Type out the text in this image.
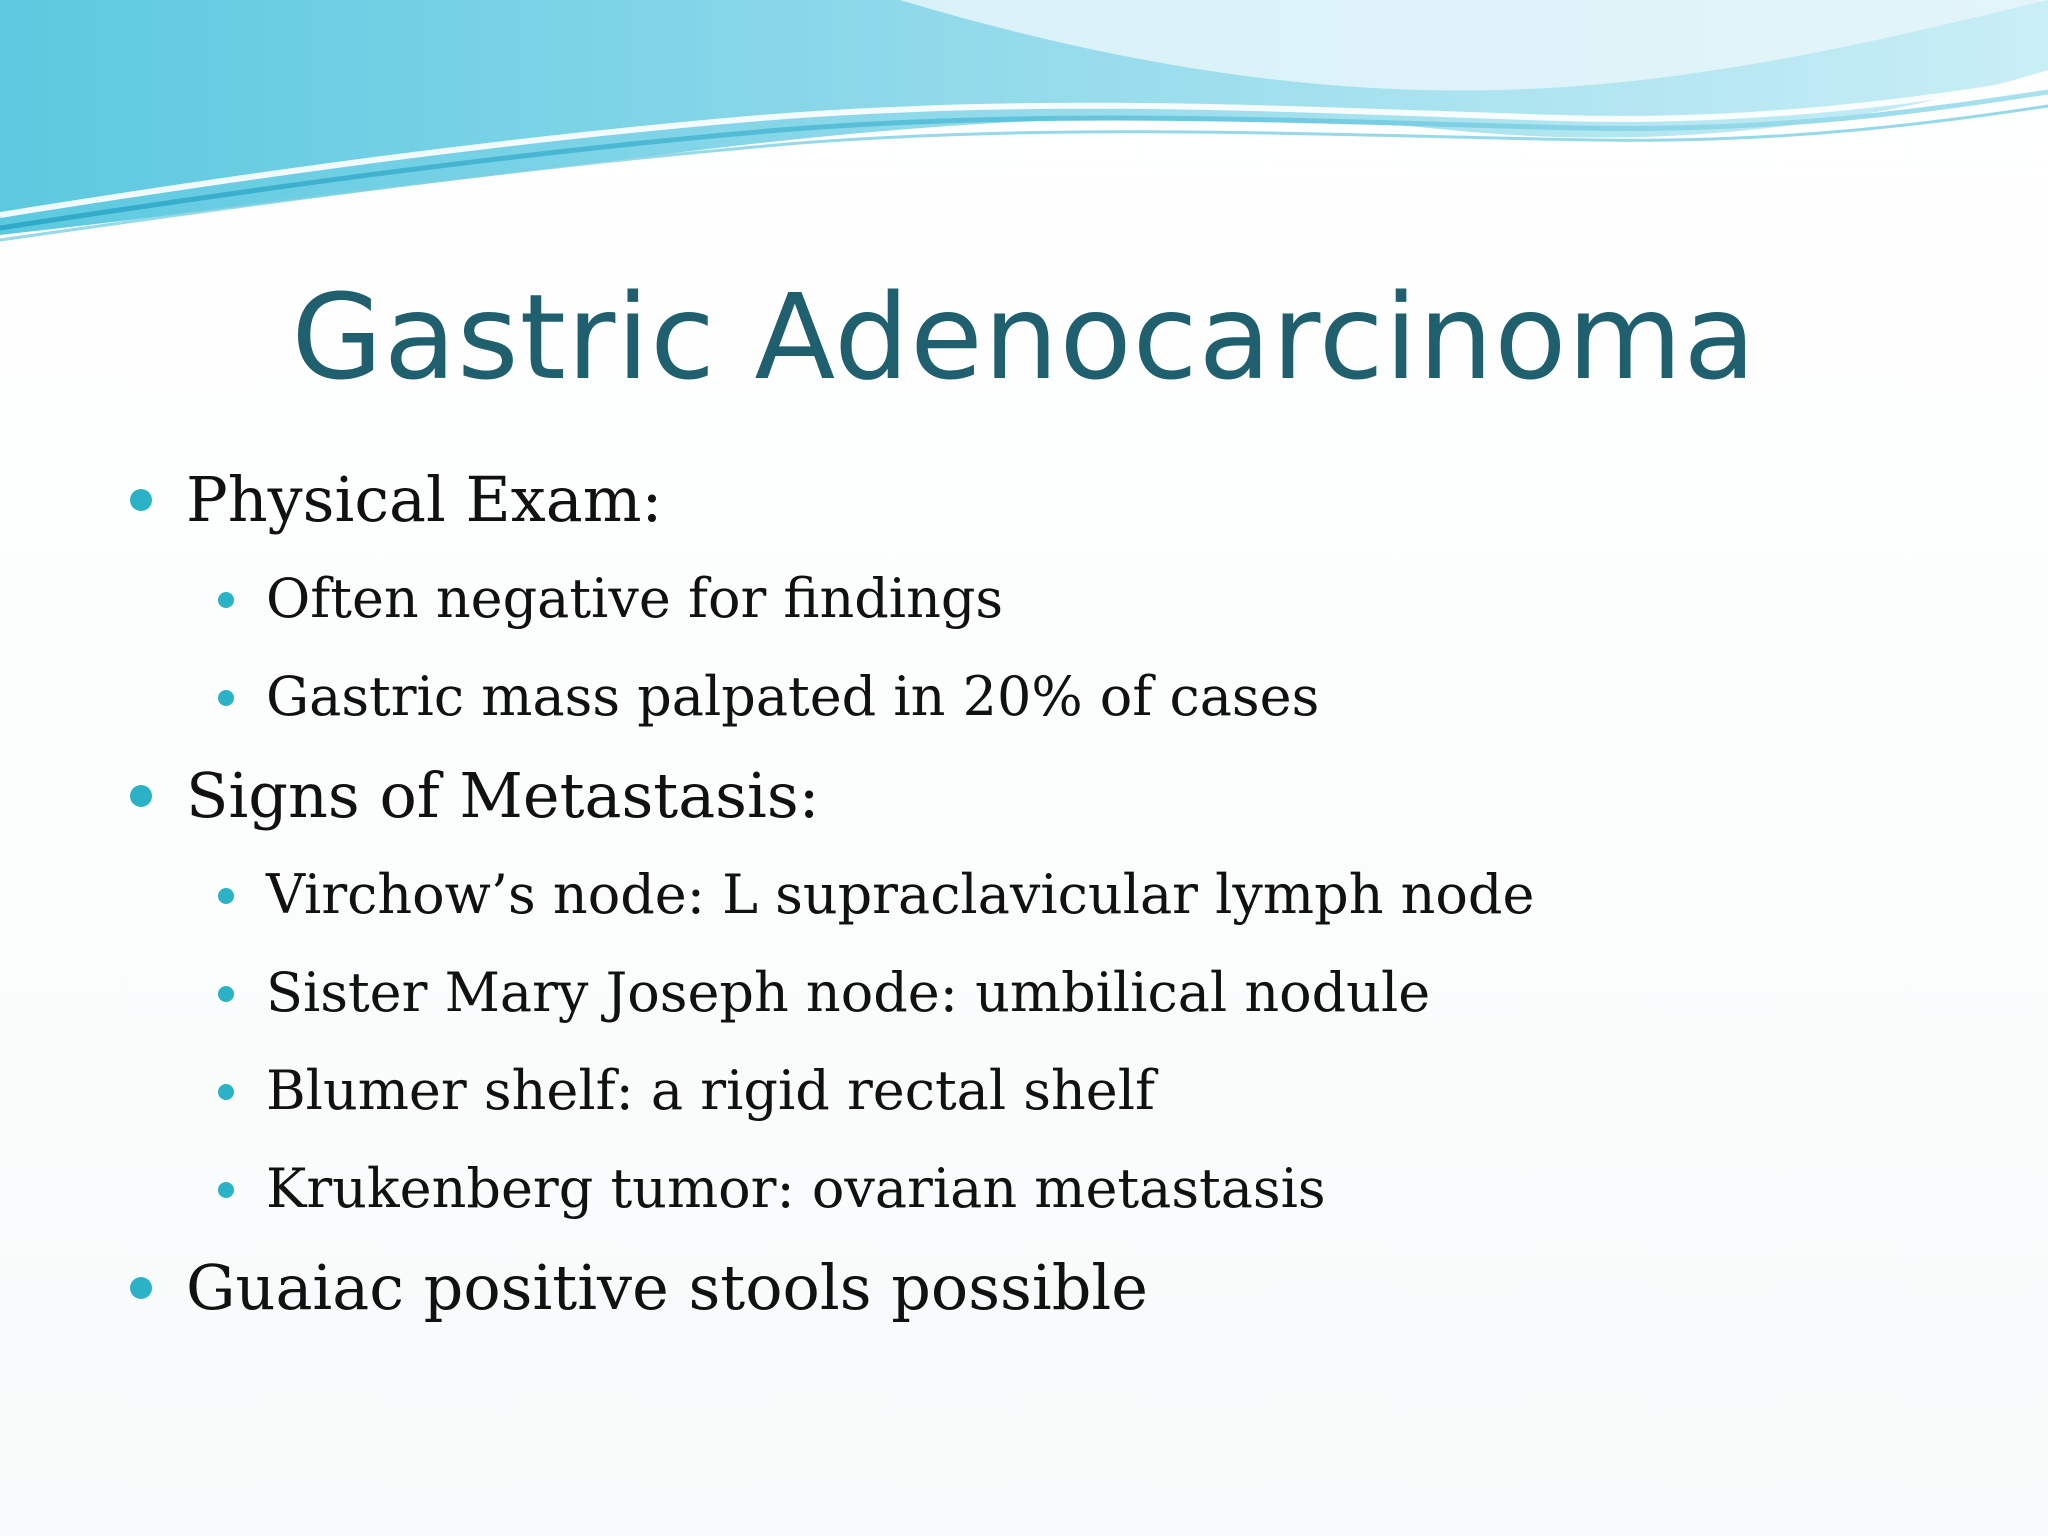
Gastric Adenocarcinoma
Physical Exam:
Often negative for findings
Gastric mass palpated in 20% of cases
Signs of Metastasis:
Virchow’s node: L supraclavicular lymph node
Sister Mary Joseph node: umbilical nodule
Blumer shelf: a rigid rectal shelf
Krukenberg tumor: ovarian metastasis
Guaiac positive stools possible
